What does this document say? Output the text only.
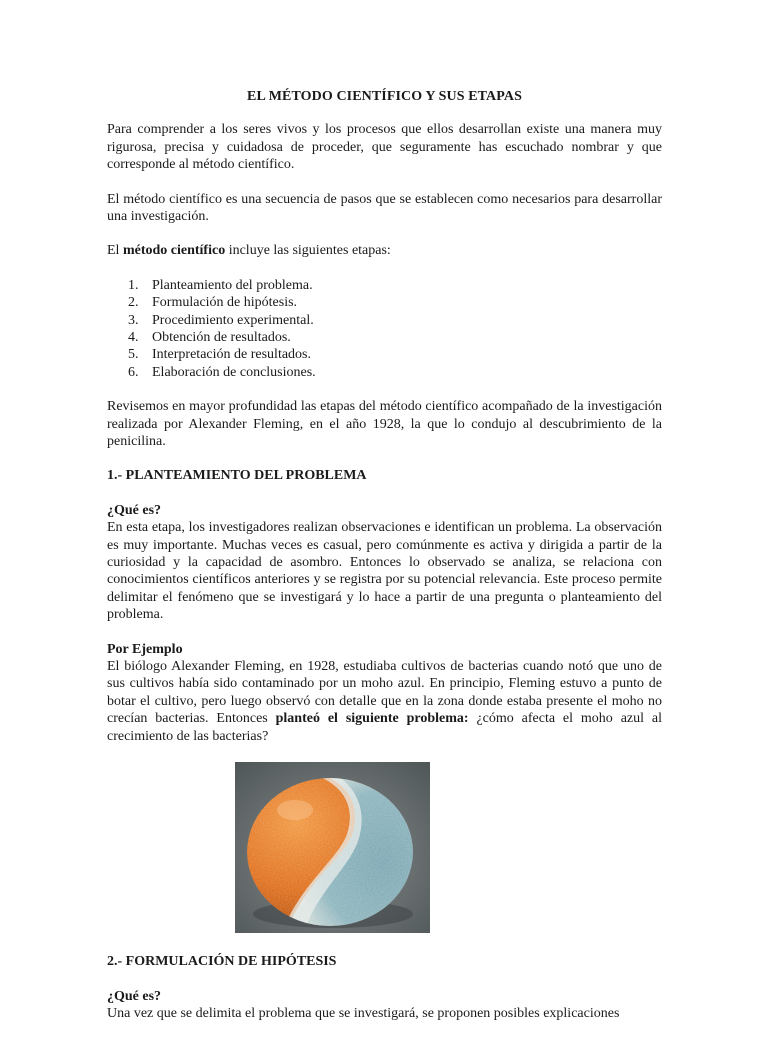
EL MÉTODO CIENTÍFICO Y SUS ETAPAS

Para comprender a los seres vivos y los procesos que ellos desarrollan existe una manera muy rigurosa, precisa y cuidadosa de proceder, que seguramente has escuchado nombrar y que corresponde al método científico.

El método científico es una secuencia de pasos que se establecen como necesarios para desarrollar una investigación.

El método científico incluye las siguientes etapas:

1. Planteamiento del problema.
2. Formulación de hipótesis.
3. Procedimiento experimental.
4. Obtención de resultados.
5. Interpretación de resultados.
6. Elaboración de conclusiones.

Revisemos en mayor profundidad las etapas del método científico acompañado de la investigación realizada por Alexander Fleming, en el año 1928, la que lo condujo al descubrimiento de la penicilina.

1.- PLANTEAMIENTO DEL PROBLEMA
¿Qué es?

En esta etapa, los investigadores realizan observaciones e identifican un problema. La observación es muy importante. Muchas veces es casual, pero comúnmente es activa y dirigida a partir de la curiosidad y la capacidad de asombro. Entonces lo observado se analiza, se relaciona con conocimientos científicos anteriores y se registra por su potencial relevancia. Este proceso permite delimitar el fenómeno que se investigará y lo hace a partir de una pregunta o planteamiento del problema.

Por Ejemplo

El biólogo Alexander Fleming, en 1928, estudiaba cultivos de bacterias cuando notó que uno de sus cultivos había sido contaminado por un moho azul. En principio, Fleming estuvo a punto de botar el cultivo, pero luego observó con detalle que en la zona donde estaba presente el moho no crecían bacterias. Entonces planteó el siguiente problema: ¿cómo afecta el moho azul al crecimiento de las bacterias?

2.- FORMULACIÓN DE HIPÓTESIS
¿Qué es?

Una vez que se delimita el problema que se investigará, se proponen posibles explicaciones
